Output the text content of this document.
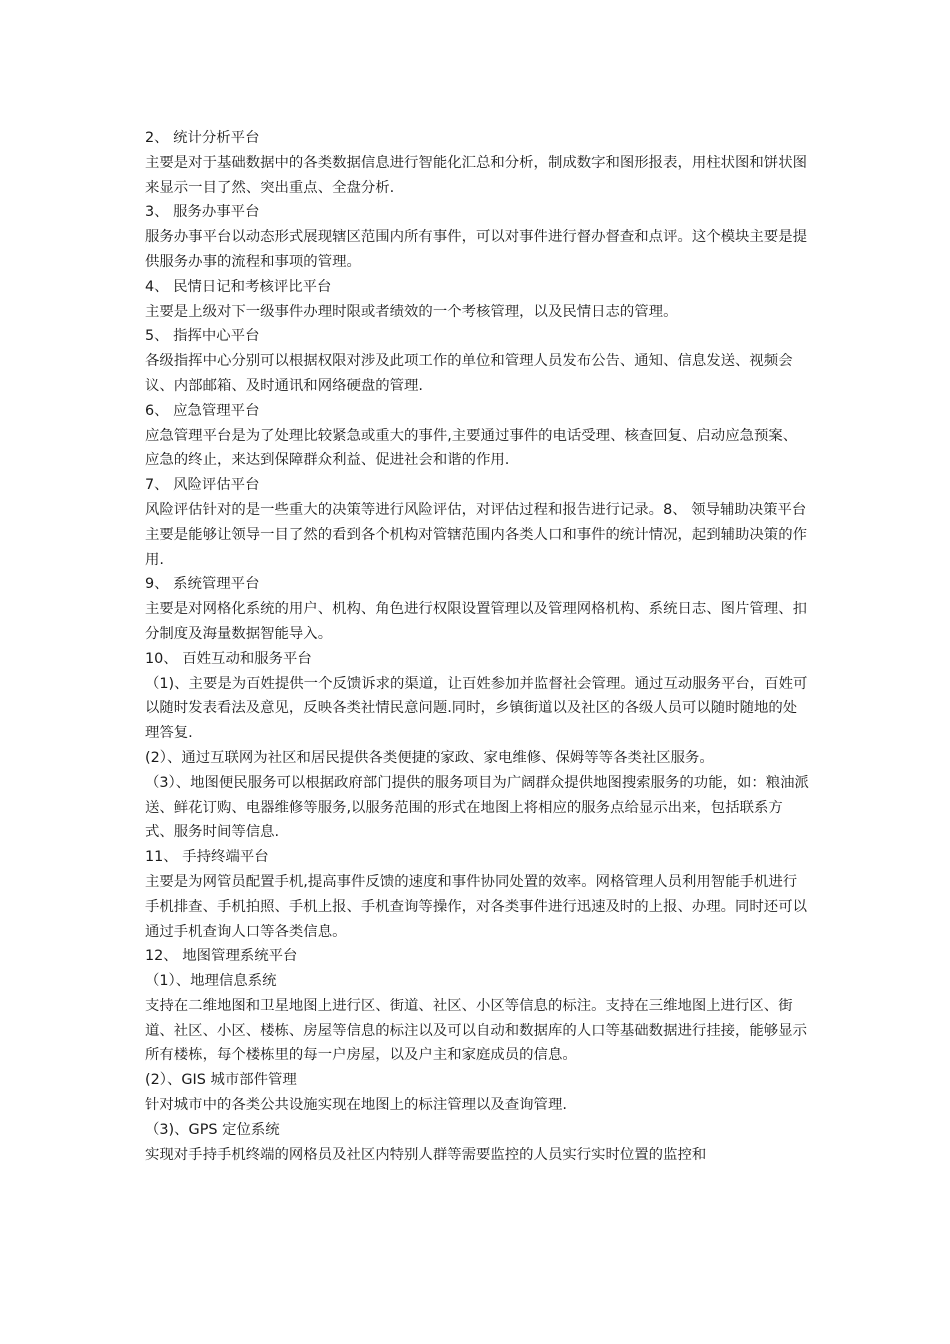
2、 统计分析平台

主要是对于基础数据中的各类数据信息进行智能化汇总和分析，制成数字和图形报表，用柱状图和饼状图来显示一目了然、突出重点、全盘分析.

3、 服务办事平台

服务办事平台以动态形式展现辖区范围内所有事件，可以对事件进行督办督查和点评。这个模块主要是提供服务办事的流程和事项的管理。

4、 民情日记和考核评比平台

主要是上级对下一级事件办理时限或者绩效的一个考核管理，以及民情日志的管理。

5、 指挥中心平台

各级指挥中心分别可以根据权限对涉及此项工作的单位和管理人员发布公告、通知、信息发送、视频会议、内部邮箱、及时通讯和网络硬盘的管理.

6、 应急管理平台

应急管理平台是为了处理比较紧急或重大的事件,主要通过事件的电话受理、核查回复、启动应急预案、应急的终止，来达到保障群众利益、促进社会和谐的作用.

7、 风险评估平台

风险评估针对的是一些重大的决策等进行风险评估，对评估过程和报告进行记录。8、 领导辅助决策平台

主要是能够让领导一目了然的看到各个机构对管辖范围内各类人口和事件的统计情况，起到辅助决策的作用.

9、 系统管理平台

主要是对网格化系统的用户、机构、角色进行权限设置管理以及管理网格机构、系统日志、图片管理、扣分制度及海量数据智能导入。

10、 百姓互动和服务平台

（1)、主要是为百姓提供一个反馈诉求的渠道，让百姓参加并监督社会管理。通过互动服务平台，百姓可以随时发表看法及意见，反映各类社情民意问题.同时，乡镇街道以及社区的各级人员可以随时随地的处理答复.

(2）、通过互联网为社区和居民提供各类便捷的家政、家电维修、保姆等等各类社区服务。

（3）、地图便民服务可以根据政府部门提供的服务项目为广阔群众提供地图搜索服务的功能，如：粮油派送、鲜花订购、电器维修等服务,以服务范围的形式在地图上将相应的服务点给显示出来，包括联系方式、服务时间等信息.

11、 手持终端平台

主要是为网管员配置手机,提高事件反馈的速度和事件协同处置的效率。网格管理人员利用智能手机进行手机排查、手机拍照、手机上报、手机查询等操作，对各类事件进行迅速及时的上报、办理。同时还可以通过手机查询人口等各类信息。

12、 地图管理系统平台

（1）、地理信息系统

支持在二维地图和卫星地图上进行区、街道、社区、小区等信息的标注。支持在三维地图上进行区、街道、社区、小区、楼栋、房屋等信息的标注以及可以自动和数据库的人口等基础数据进行挂接，能够显示所有楼栋，每个楼栋里的每一户房屋，以及户主和家庭成员的信息。

(2）、GIS 城市部件管理

针对城市中的各类公共设施实现在地图上的标注管理以及查询管理.

（3)、GPS 定位系统

实现对手持手机终端的网格员及社区内特别人群等需要监控的人员实行实时位置的监控和
